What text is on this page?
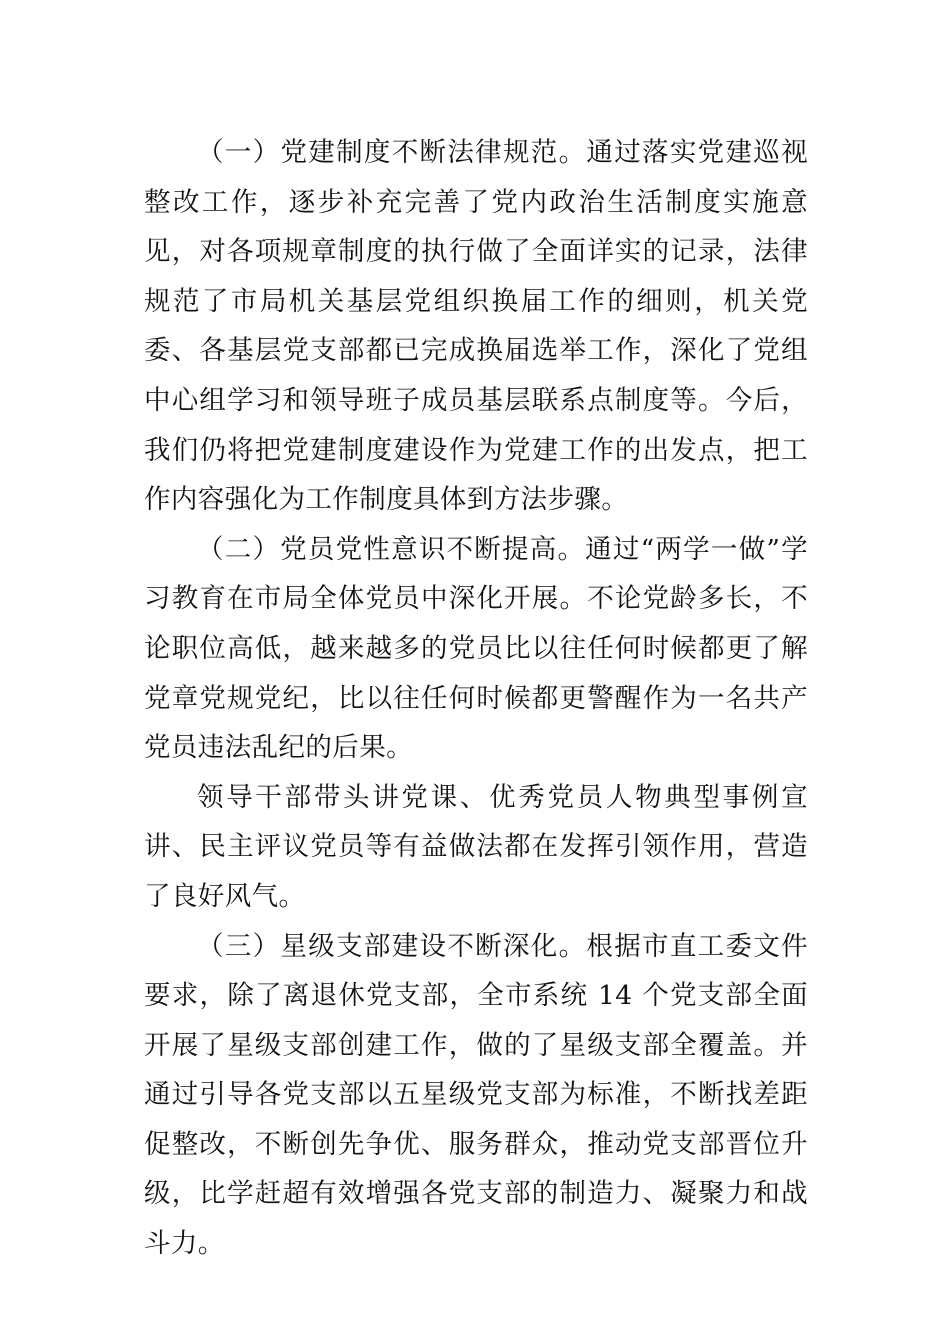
（一）党建制度不断法律规范。通过落实党建巡视整改工作，逐步补充完善了党内政治生活制度实施意见，对各项规章制度的执行做了全面详实的记录，法律规范了市局机关基层党组织换届工作的细则，机关党委、各基层党支部都已完成换届选举工作，深化了党组中心组学习和领导班子成员基层联系点制度等。今后，我们仍将把党建制度建设作为党建工作的出发点，把工作内容强化为工作制度具体到方法步骤。

（二）党员党性意识不断提高。通过“两学一做”学习教育在市局全体党员中深化开展。不论党龄多长，不论职位高低，越来越多的党员比以往任何时候都更了解党章党规党纪，比以往任何时候都更警醒作为一名共产党员违法乱纪的后果。

领导干部带头讲党课、优秀党员人物典型事例宣讲、民主评议党员等有益做法都在发挥引领作用，营造了良好风气。

（三）星级支部建设不断深化。根据市直工委文件要求，除了离退休党支部，全市系统 14 个党支部全面开展了星级支部创建工作，做的了星级支部全覆盖。并通过引导各党支部以五星级党支部为标准，不断找差距促整改，不断创先争优、服务群众，推动党支部晋位升级，比学赶超有效增强各党支部的制造力、凝聚力和战斗力。
